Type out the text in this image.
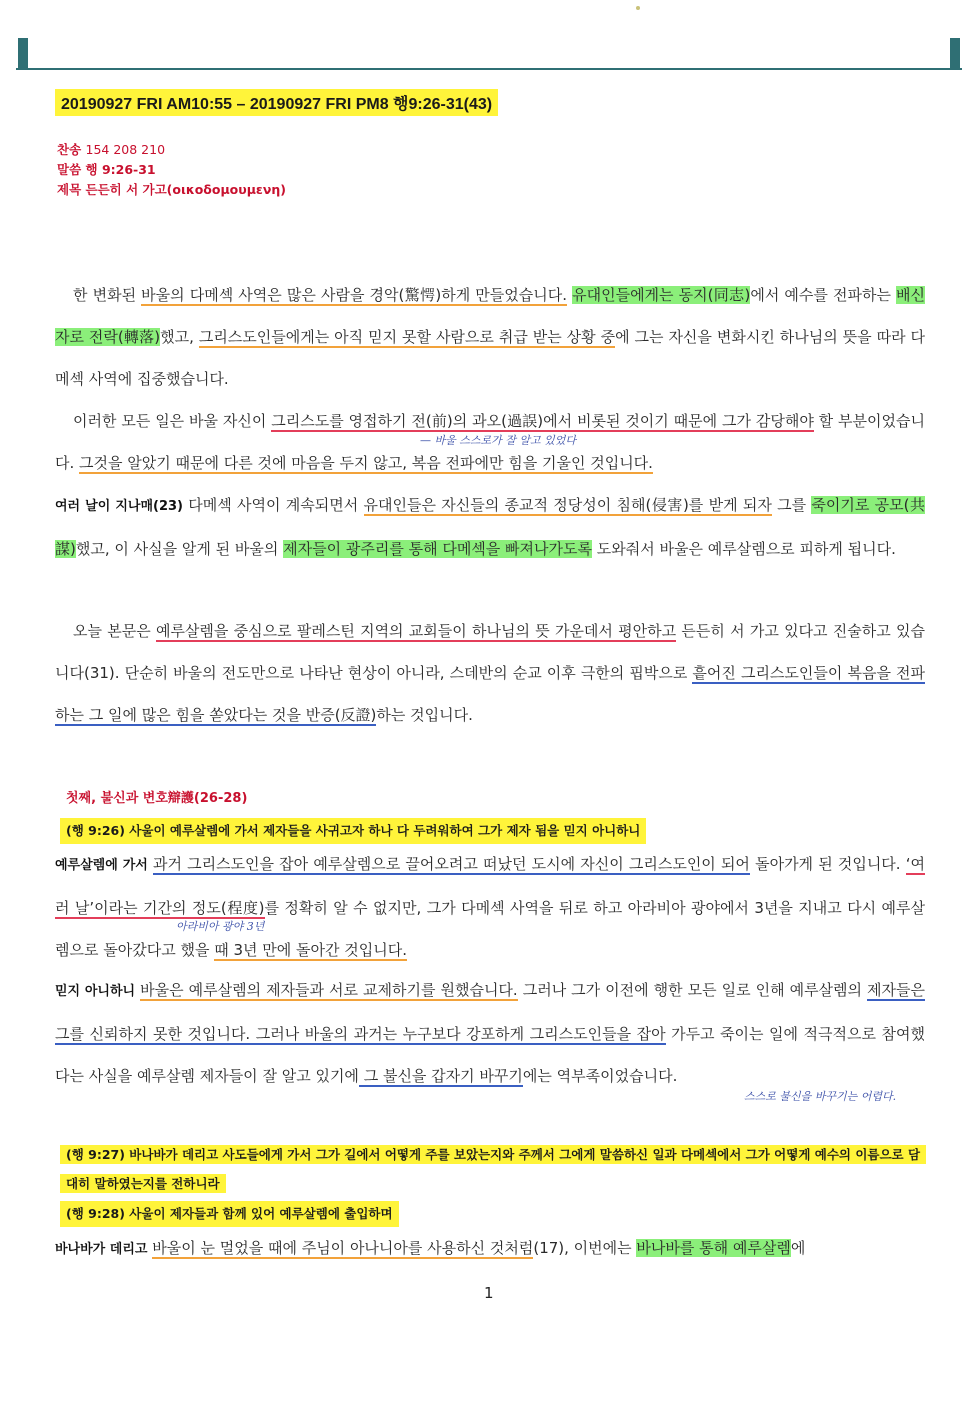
20190927 FRI AM10:55 – 20190927 FRI PM8 행9:26-31(43)
찬송 154 208 210
말씀 행 9:26-31
제목 든든히 서 가고(οικοδομουμενη)
한 변화된 바울의 다메섹 사역은 많은 사람을 경악(驚愕)하게 만들었습니다. 유대인들에게는 동지(同志)에서 예수를 전파하는 배신자로 전락(轉落)했고, 그리스도인들에게는 아직 믿지 못할 사람으로 취급 받는 상황 중에 그는 자신을 변화시킨 하나님의 뜻을 따라 다메섹 사역에 집중했습니다.
이러한 모든 일은 바울 자신이 그리스도를 영접하기 전(前)의 과오(過誤)에서 비롯된 것이기 때문에 그가 감당해야 할 부분이었습니다. 그것을 알았기 때문에 다른 것에 마음을 두지 않고, 복음 전파에만 힘을 기울인 것입니다.
— 바울 스스로가 잘 알고 있었다
여러 날이 지나매(23) 다메섹 사역이 계속되면서 유대인들은 자신들의 종교적 정당성이 침해(侵害)를 받게 되자 그를 죽이기로 공모(共謀)했고, 이 사실을 알게 된 바울의 제자들이 광주리를 통해 다메섹을 빠져나가도록 도와줘서 바울은 예루살렘으로 피하게 됩니다.
오늘 본문은 예루살렘을 중심으로 팔레스틴 지역의 교회들이 하나님의 뜻 가운데서 평안하고 든든히 서 가고 있다고 진술하고 있습니다(31). 단순히 바울의 전도만으로 나타난 현상이 아니라, 스데반의 순교 이후 극한의 핍박으로 흩어진 그리스도인들이 복음을 전파하는 그 일에 많은 힘을 쏟았다는 것을 반증(反證)하는 것입니다.
첫째, 불신과 변호辯護(26-28)
(행 9:26) 사울이 예루살렘에 가서 제자들을 사귀고자 하나 다 두려워하여 그가 제자 됨을 믿지 아니하니
예루살렘에 가서 과거 그리스도인을 잡아 예루살렘으로 끌어오려고 떠났던 도시에 자신이 그리스도인이 되어 돌아가게 된 것입니다. ‘여러 날’이라는 기간의 정도(程度)를 정확히 알 수 없지만, 그가 다메섹 사역을 뒤로 하고 아라비아 광야에서 3년을 지내고 다시 예루살렘으로 돌아갔다고 했을 때 3년 만에 돌아간 것입니다.
아라비아 광야 3년
믿지 아니하니 바울은 예루살렘의 제자들과 서로 교제하기를 원했습니다. 그러나 그가 이전에 행한 모든 일로 인해 예루살렘의 제자들은 그를 신뢰하지 못한 것입니다. 그러나 바울의 과거는 누구보다 강포하게 그리스도인들을 잡아 가두고 죽이는 일에 적극적으로 참여했다는 사실을 예루살렘 제자들이 잘 알고 있기에 그 불신을 갑자기 바꾸기에는 역부족이었습니다.
스스로 불신을 바꾸기는 어렵다.
(행 9:27) 바나바가 데리고 사도들에게 가서 그가 길에서 어떻게 주를 보았는지와 주께서 그에게 말씀하신 일과 다메섹에서 그가 어떻게 예수의 이름으로 담대히 말하였는지를 전하니라
(행 9:28) 사울이 제자들과 함께 있어 예루살렘에 출입하며
바나바가 데리고 바울이 눈 멀었을 때에 주님이 아나니아를 사용하신 것처럼(17), 이번에는 바나바를 통해 예루살렘에
1
